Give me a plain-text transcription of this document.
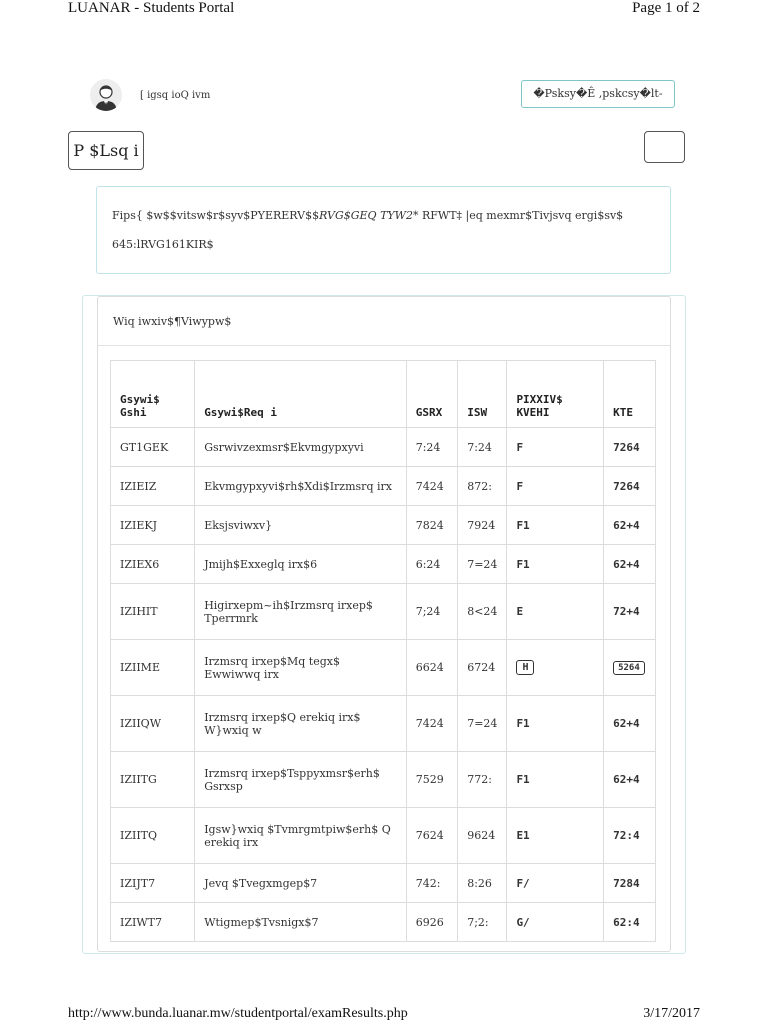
LUANAR - Students Portal	Page 1 of 2
[ igsq ioQ ivm	�Psksy�Ê ,pskcsy�lt-
P $Lsq i
Fips{ $w$$vitsw$r$syv$PYERERV$$RVG$GEQ TYW2* RFWT‡ |eq mexmr$Tivjsvq ergi$sv$
645:lRVG161KIR$
Wiq iwxiv$¶Viwypw$
Gsywi$ Gshi	Gsywi$Req i	GSRX	ISW	PIXXIV$ KVEHI	KTE
GT1GEK	Gsrwivzexmsr$Ekvmgypxyvi	7:24	7:24	F	7264
IZIEIZ	Ekvmgypxyvi$rh$Xdi$Irzmsrq irx	7424	872:	F	7264
IZIEKJ	Eksjsviwxv}	7824	7924	F1	62+4
IZIEX6	Jmijh$Exxeglq irx$6	6:24	7=24	F1	62+4
IZIHIT	Higirxepm~ih$Irzmsrq irxep$ Tperrmrk	7;24	8<24	E	72+4
IZIIME	Irzmsrq irxep$Mq tegx$ Ewwiwwq irx	6624	6724	H	5264
IZIIQW	Irzmsrq irxep$Q erekiq irx$ W}wxiq w	7424	7=24	F1	62+4
IZIITG	Irzmsrq irxep$Tsppyxmsr$erh$ Gsrxsp	7529	772:	F1	62+4
IZIITQ	Igsw}wxiq $Tvmrgmtpiw$erh$ Q erekiq irx	7624	9624	E1	72:4
IZIJT7	Jevq $Tvegxmgep$7	742:	8:26	F/	7284
IZIWT7	Wtigmep$Tvsnigx$7	6926	7;2:	G/	62:4
http://www.bunda.luanar.mw/studentportal/examResults.php	3/17/2017
